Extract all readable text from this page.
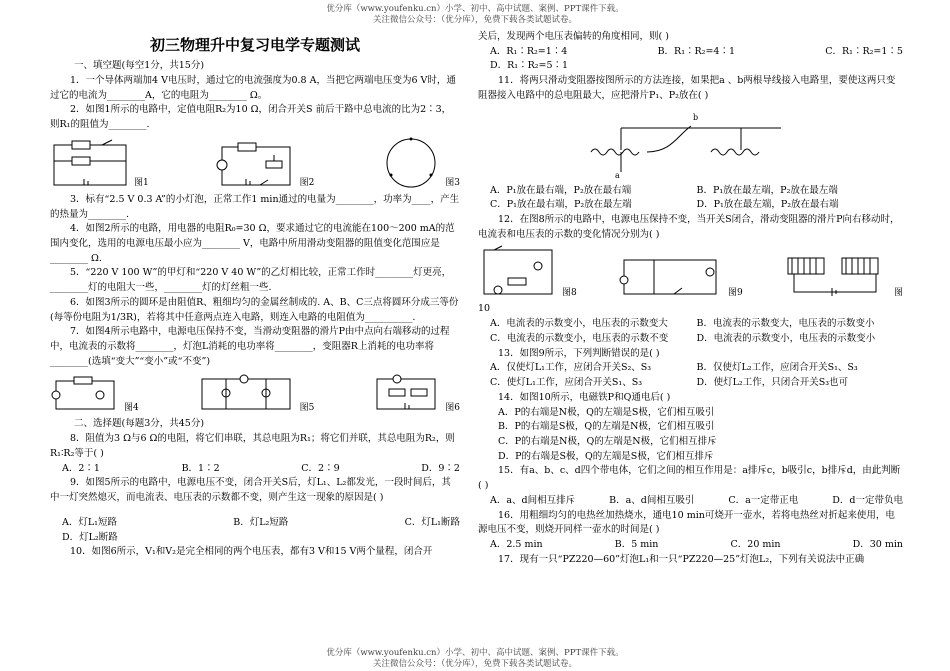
优分库（www.youfenku.cn）小学、初中、高中试题、案例、PPT课件下载。
关注微信公众号：（优分库），免费下载各类试题试卷。
初三物理升中复习电学专题测试
一、填空题(每空1分，共15分)

1．一个导体两端加4 V电压时，通过它的电流强度为0.8 A，当把它两端电压变为6 V时，通过它的电流为________A，它的电阻为________ Ω。

2．如图1所示的电路中，定值电阻R₂为10 Ω，闭合开关S 前后干路中总电流的比为2∶3，则R₁的阻值为________.

图1	图2	图3

3．标有“2.5 V 0.3 A”的小灯泡，正常工作1 min通过的电量为________，功率为____，产生的热量为________.

4．如图2所示的电路，用电器的电阻R₀=30 Ω，要求通过它的电流能在100～200 mA的范围内变化，选用的电源电压最小应为________ V，电路中所用滑动变阻器的阻值变化范围应是________ Ω.

5．“220 V 100 W”的甲灯和“220 V 40 W”的乙灯相比较，正常工作时________灯更亮，________灯的电阻大一些，________灯的灯丝粗一些.

6．如图3所示的圆环是由阻值R、粗细均匀的金属丝制成的. A、B、C三点将圆环分成三等份(每等份电阻为1/3R)，若将其中任意两点连入电路，则连入电路的电阻值为__________.

7．如图4所示电路中，电源电压保持不变，当滑动变阻器的滑片P由中点向右端移动的过程中，电流表的示数将________，灯泡L消耗的电功率将________，变阻器R上消耗的电功率将________(选填“变大”“变小”或“不变”)

图4	图5	图6
二、选择题(每题3分，共45分)

8．阻值为3 Ω与6 Ω的电阻，将它们串联，其总电阻为R₁；将它们并联，其总电阻为R₂，则R₁∶R₂等于( )

A．2∶1	B．1∶2	C．2∶9	D．9∶2

9．如图5所示的电路中，电源电压不变，闭合开关S后，灯L₁、L₂都发光，一段时间后，其中一灯突然熄灭，而电流表、电压表的示数都不变，则产生这一现象的原因是( )

A．灯L₁短路	B．灯L₂短路	C．灯L₁断路
D．灯L₂断路

10．如图6所示，V₁和V₂是完全相同的两个电压表，都有3 V和15 V两个量程，闭合开

关后，发现两个电压表偏转的角度相同，则( )

A．R₁∶R₂=1∶4	B．R₁∶R₂=4∶1	C．R₁∶R₂=1∶5
D．R₁∶R₂=5∶1

11．将两只滑动变阻器按图所示的方法连接，如果把a 、b两根导线接入电路里，要使这两只变阻器接入电路中的总电阻最大，应把滑片P₁、P₂放在( )

b
a
A．P₁放在最右端，P₂放在最右端	B．P₁放在最左端，P₂放在最左端
C．P₁放在最右端，P₂放在最左端	D．P₁放在最左端，P₂放在最右端

12．在图8所示的电路中，电源电压保持不变，当开关S闭合，滑动变阻器的滑片P向右移动时，电流表和电压表的示数的变化情况分别为( )

图8	图9	图
10
A．电流表的示数变小，电压表的示数变大	B．电流表的示数变大，电压表的示数变小
C．电流表的示数变小，电压表的示数不变	D．电流表的示数变小，电压表的示数变小

13．如图9所示，下列判断错误的是( )

A．仅使灯L₁工作，应闭合开关S₂、S₃	B．仅使灯L₂工作，应闭合开关S₁、S₃
C．使灯L₁工作，应闭合开关S₁、S₃	D．使灯L₂工作，只闭合开关S₃也可

14．如图10所示，电磁铁P和Q通电后( )

A．P的右端是N极，Q的左端是S极，它们相互吸引
B．P的右端是S极，Q的左端是N极，它们相互吸引
C．P的右端是N极，Q的左端是N极，它们相互排斥
D．P的右端是S极，Q的左端是S极，它们相互排斥

15．有a、b、c、d四个带电体，它们之间的相互作用是：a排斥c，b吸引c，b排斥d，由此判断( )

A．a、d间相互排斥	B．a、d间相互吸引	C．a一定带正电	D．d一定带负电

16．用粗细均匀的电热丝加热烧水，通电10 min可烧开一壶水，若将电热丝对折起来使用，电源电压不变，则烧开同样一壶水的时间是( )

A．2.5 min	B．5 min	C．20 min	D．30 min

17．现有一只“PZ220—60”灯泡L₁和一只“PZ220—25”灯泡L₂，下列有关说法中正确

优分库（www.youfenku.cn）小学、初中、高中试题、案例、PPT课件下载。
关注微信公众号：（优分库），免费下载各类试题试卷。
